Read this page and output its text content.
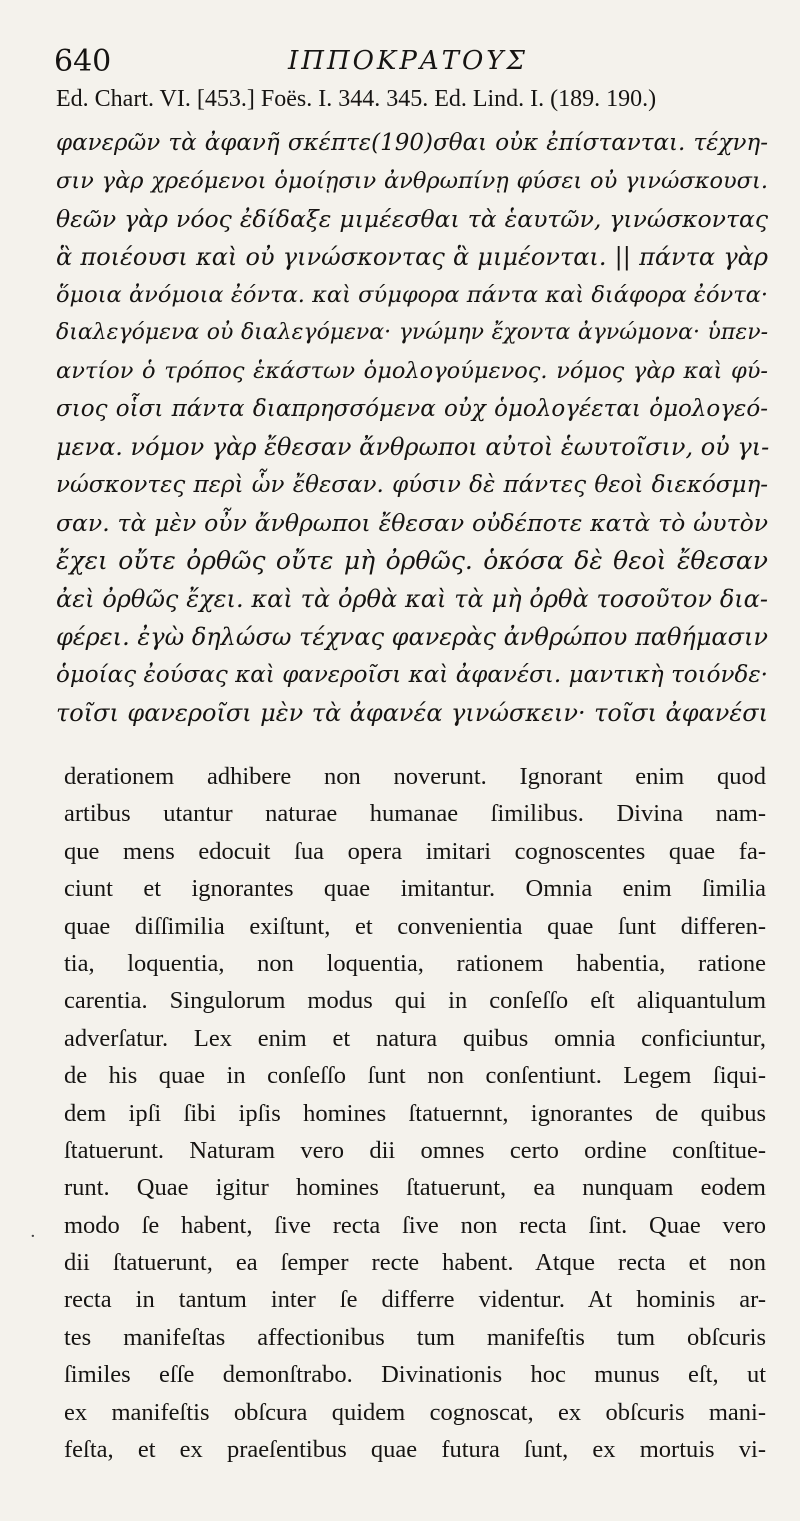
640	ΙΠΠΟΚΡΑΤΟΥΣ
Ed. Chart. VI. [453.] Foës. I. 344. 345. Ed. Lind. I. (189. 190.)
φανερῶν τὰ ἀφανῆ σκέπτε(190)σθαι οὐκ ἐπίστανται. τέχνη-
σιν γὰρ χρεόμενοι ὁμοίῃσιν ἀνθρωπίνῃ φύσει οὐ γινώσκουσι.
θεῶν γὰρ νόος ἐδίδαξε μιμέεσθαι τὰ ἑαυτῶν, γινώσκοντας
ἃ ποιέουσι καὶ οὐ γινώσκοντας ἃ μιμέονται. || πάντα γὰρ
ὅμοια ἀνόμοια ἐόντα. καὶ σύμφορα πάντα καὶ διάφορα ἐόντα·
διαλεγόμενα οὐ διαλεγόμενα· γνώμην ἔχοντα ἀγνώμονα· ὑπεν-
αντίον ὁ τρόπος ἑκάστων ὁμολογούμενος. νόμος γὰρ καὶ φύ-
σιος οἷσι πάντα διαπρησσόμενα οὐχ ὁμολογέεται ὁμολογεό-
μενα. νόμον γὰρ ἔθεσαν ἄνθρωποι αὐτοὶ ἑωυτοῖσιν, οὐ γι-
νώσκοντες περὶ ὧν ἔθεσαν. φύσιν δὲ πάντες θεοὶ διεκόσμη-
σαν. τὰ μὲν οὖν ἄνθρωποι ἔθεσαν οὐδέποτε κατὰ τὸ ὠυτὸν
ἔχει οὔτε ὀρθῶς οὔτε μὴ ὀρθῶς. ὁκόσα δὲ θεοὶ ἔθεσαν
ἀεὶ ὀρθῶς ἔχει. καὶ τὰ ὀρθὰ καὶ τὰ μὴ ὀρθὰ τοσοῦτον δια-
φέρει. ἐγὼ δηλώσω τέχνας φανερὰς ἀνθρώπου παθήμασιν
ὁμοίας ἐούσας καὶ φανεροῖσι καὶ ἀφανέσι. μαντικὴ τοιόνδε·
τοῖσι φανεροῖσι μὲν τὰ ἀφανέα γινώσκειν· τοῖσι ἀφανέσι
derationem adhibere non noverunt. Ignorant enim quod
artibus utantur naturae humanae ſimilibus. Divina nam-
que mens edocuit ſua opera imitari cognoscentes quae fa-
ciunt et ignorantes quae imitantur. Omnia enim ſimilia
quae diſſimilia exiſtunt, et convenientia quae ſunt differen-
tia, loquentia, non loquentia, rationem habentia, ratione
carentia. Singulorum modus qui in conſeſſo eſt aliquantulum
adverſatur. Lex enim et natura quibus omnia conficiuntur,
de his quae in conſeſſo ſunt non conſentiunt. Legem ſiqui-
dem ipſi ſibi ipſis homines ſtatuernnt, ignorantes de quibus
ſtatuerunt. Naturam vero dii omnes certo ordine conſtitue-
runt. Quae igitur homines ſtatuerunt, ea nunquam eodem
modo ſe habent, ſive recta ſive non recta ſint. Quae vero
dii ſtatuerunt, ea ſemper recte habent. Atque recta et non
recta in tantum inter ſe differre videntur. At hominis ar-
tes manifeſtas affectionibus tum manifeſtis tum obſcuris
ſimiles eſſe demonſtrabo. Divinationis hoc munus eſt, ut
ex manifeſtis obſcura quidem cognoscat, ex obſcuris mani-
feſta, et ex praeſentibus quae futura ſunt, ex mortuis vi-
·
